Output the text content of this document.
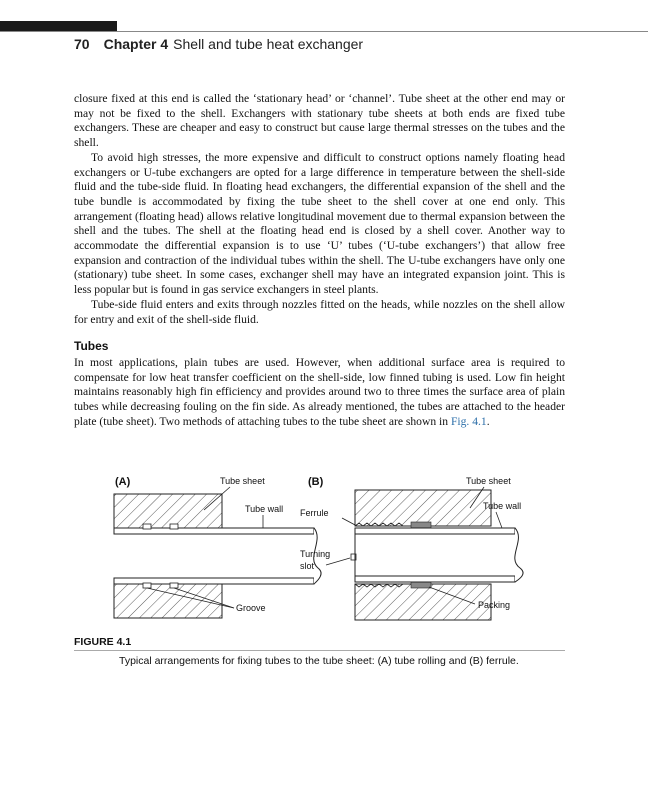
70 Chapter 4 Shell and tube heat exchanger

closure fixed at this end is called the ‘stationary head’ or ‘channel’. Tube sheet at the other end may or may not be fixed to the shell. Exchangers with stationary tube sheets at both ends are fixed tube exchangers. These are cheaper and easy to construct but cause large thermal stresses on the tubes and the shell.

To avoid high stresses, the more expensive and difficult to construct options namely floating head exchangers or U-tube exchangers are opted for a large difference in temperature between the shell-side fluid and the tube-side fluid. In floating head exchangers, the differential expansion of the shell and the tube bundle is accommodated by fixing the tube sheet to the shell cover at one end only. This arrangement (floating head) allows relative longitudinal movement due to thermal expansion between the shell and the tubes. The shell at the floating head end is closed by a shell cover. Another way to accommodate the differential expansion is to use ‘U’ tubes (‘U-tube exchangers’) that allow free expansion and contraction of the individual tubes within the shell. The U-tube exchangers have only one (stationary) tube sheet. In some cases, exchanger shell may have an integrated expansion joint. This is less popular but is found in gas service exchangers in steel plants.

Tube-side fluid enters and exits through nozzles fitted on the heads, while nozzles on the shell allow for entry and exit of the shell-side fluid.

Tubes

In most applications, plain tubes are used. However, when additional surface area is required to compensate for low heat transfer coefficient on the shell-side, low finned tubing is used. Low fin height maintains reasonably high fin efficiency and provides around two to three times the surface area of plain tubes while decreasing fouling on the fin side. As already mentioned, the tubes are attached to the header plate (tube sheet). Two methods of attaching tubes to the tube sheet are shown in Fig. 4.1.

(A)	Tube sheet
Tube wall
Groove
(B)	Tube sheet
Tube wall
Ferrule
Turning
slot
Packing
FIGURE 4.1
Typical arrangements for fixing tubes to the tube sheet: (A) tube rolling and (B) ferrule.
